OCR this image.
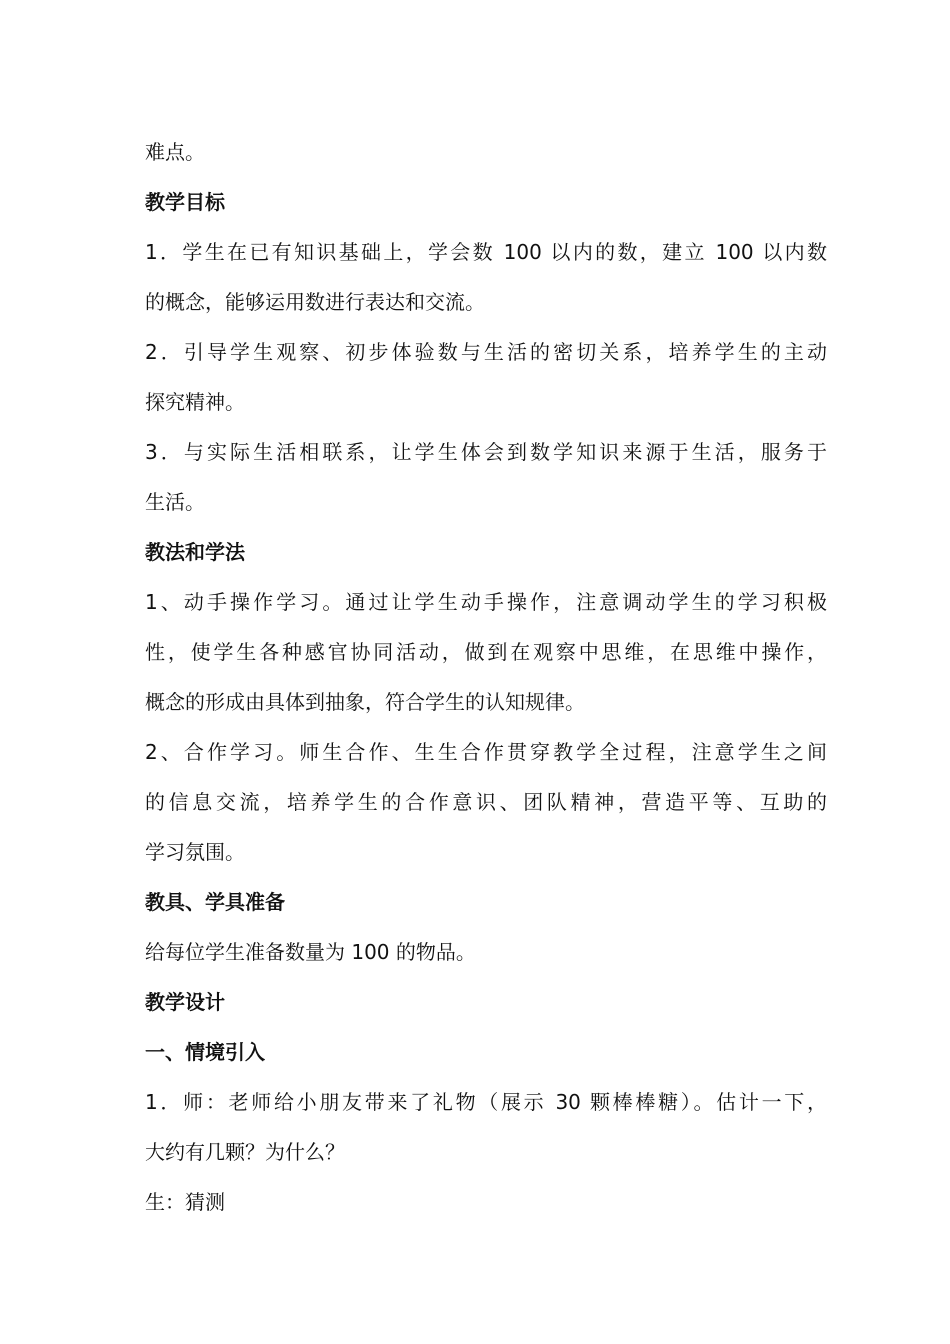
难点。
教学目标
1．学生在已有知识基础上，学会数 100 以内的数，建立 100 以内数
的概念，能够运用数进行表达和交流。
2．引导学生观察、初步体验数与生活的密切关系，培养学生的主动
探究精神。
3．与实际生活相联系，让学生体会到数学知识来源于生活，服务于
生活。
教法和学法
1、动手操作学习。通过让学生动手操作，注意调动学生的学习积极
性，使学生各种感官协同活动，做到在观察中思维，在思维中操作，
概念的形成由具体到抽象，符合学生的认知规律。
2、合作学习。师生合作、生生合作贯穿教学全过程，注意学生之间
的信息交流，培养学生的合作意识、团队精神，营造平等、互助的
学习氛围。
教具、学具准备
给每位学生准备数量为 100 的物品。
教学设计
一、情境引入
1．师：老师给小朋友带来了礼物（展示 30 颗棒棒糖）。估计一下，
大约有几颗？为什么？
生：猜测
